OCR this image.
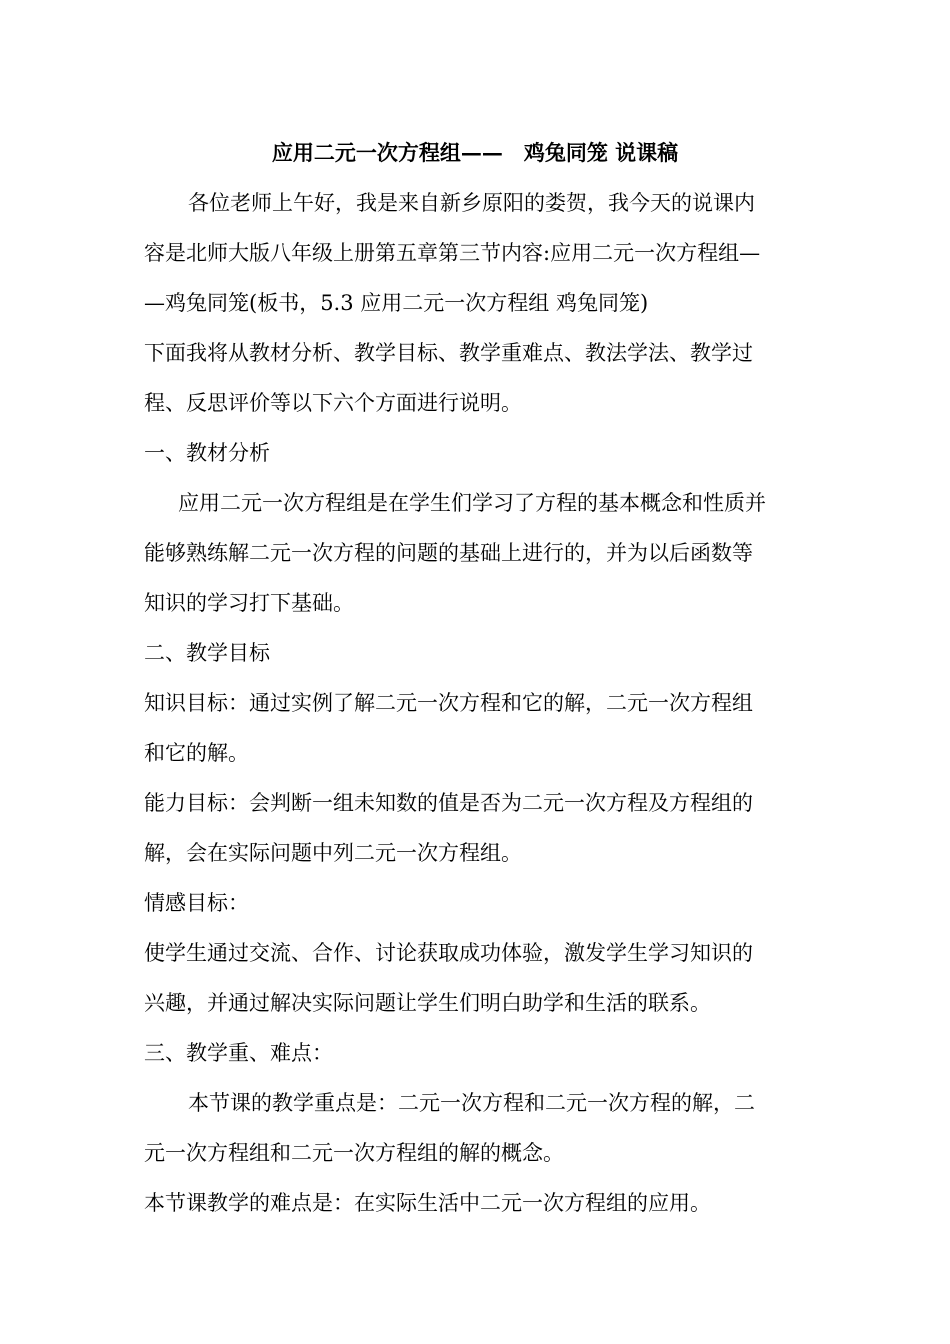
应用二元一次方程组——　鸡兔同笼 说课稿

各位老师上午好，我是来自新乡原阳的娄贺，我今天的说课内
容是北师大版八年级上册第五章第三节内容:应用二元一次方程组—
—鸡兔同笼(板书，5.3 应用二元一次方程组 鸡兔同笼)

下面我将从教材分析、教学目标、教学重难点、教法学法、教学过
程、反思评价等以下六个方面进行说明。

一、教材分析

应用二元一次方程组是在学生们学习了方程的基本概念和性质并
能够熟练解二元一次方程的问题的基础上进行的，并为以后函数等
知识的学习打下基础。

二、教学目标

知识目标：通过实例了解二元一次方程和它的解，二元一次方程组
和它的解。

能力目标：会判断一组未知数的值是否为二元一次方程及方程组的
解，会在实际问题中列二元一次方程组。

情感目标：

使学生通过交流、合作、讨论获取成功体验，激发学生学习知识的
兴趣，并通过解决实际问题让学生们明白助学和生活的联系。

三、教学重、难点：

本节课的教学重点是：二元一次方程和二元一次方程的解，二
元一次方程组和二元一次方程组的解的概念。

本节课教学的难点是：在实际生活中二元一次方程组的应用。
